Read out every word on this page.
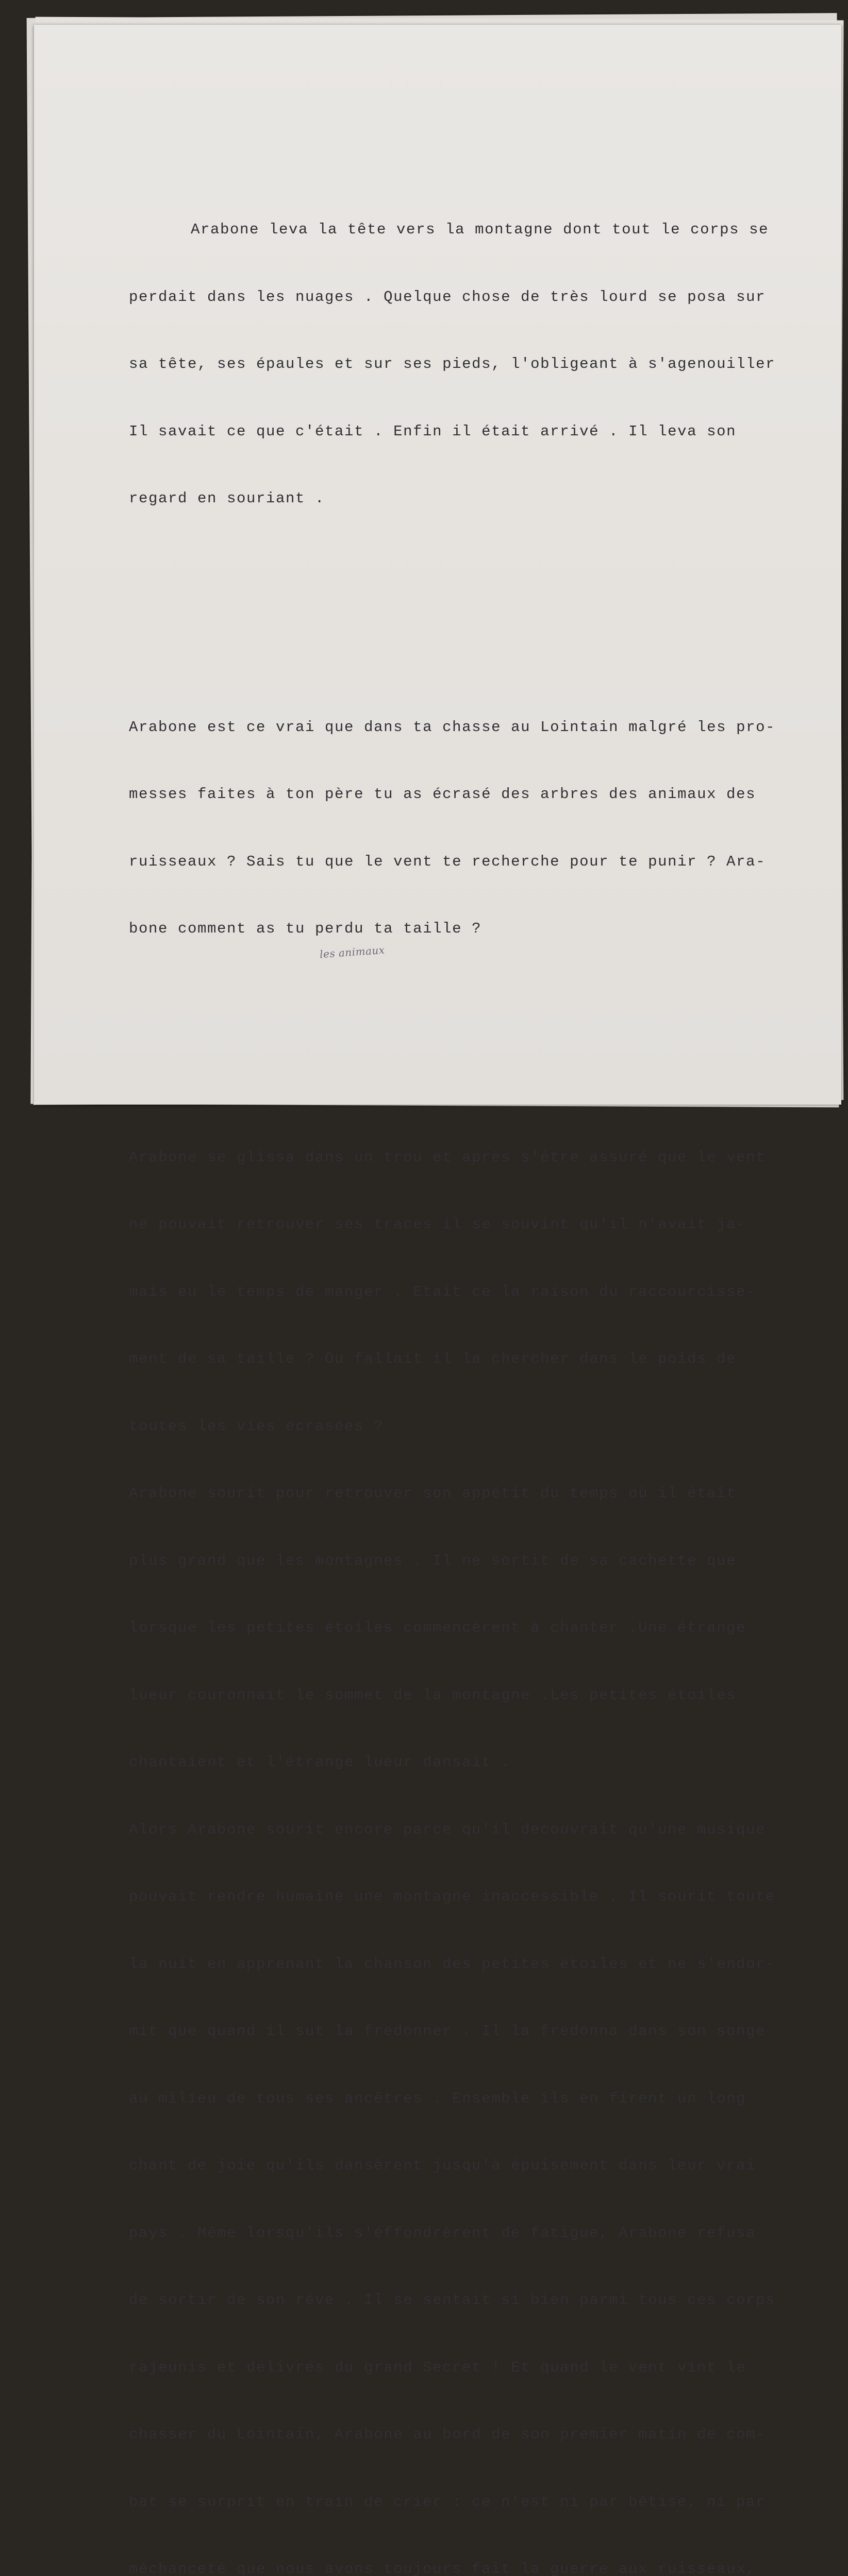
Arabone leva la tête vers la montagne dont tout le corps se

perdait dans les nuages . Quelque chose de très lourd se posa sur

sa tête, ses épaules et sur ses pieds, l'obligeant à s'agenouiller

Il savait ce que c'était . Enfin il était arrivé . Il leva son

regard en souriant .

Arabone est ce vrai que dans ta chasse au Lointain malgré les pro-

messes faites à ton père tu as écrasé des arbres des animaux des

ruisseaux ? Sais tu que le vent te recherche pour te punir ? Ara-

bone comment as tu perdu ta taille ?

Arabone se glissa dans un trou et après s'être assuré que le vent

ne pouvait retrouver ses traces il se souvint qu'il n'avait ja-

mais eu le temps de manger . Etait ce la raison du raccourcisse-

ment de sa taille ? Ou fallait il la chercher dans le poids de

toutes les vies écrasées ?

Arabone sourit pour retrouver son appétit du temps où il était

plus grand que les montagnes . Il ne sortit de sa cachette que

lorsque les petites étoiles commencèrent à chanter .Une étrange

lueur couronnait le sommet de la montagne .Les petites étoiles

chantaient et l'étrange lueur dansait .

Alors Arabone sourit encore parce qu'il découvrait qu'une musique

pouvait rendre humaine une montagne inaccessible . Il sourit toute

la nuit en apprenant la chanson des petites étoiles et ne s'endor-

mit que quand il sut la fredonner . Il la fredonna dans son songe

au milieu de tous ses ancêtres . Ensemble ils en firent un long

chant de joie qu'ils dansèrent jusqu'à épuisement dans leur vrai

pays . Même lorsqu'ils s'éffondrèrent de fatigue, Arabone refusa

de sortir de son rêve . Il se sentait si bien parmi tous ces corps

rajeunis et délivrés du grand Secret ! Et quand le vent vint le

chasser du Lointain, Arabone au bord de son premier matin de com-

bat se surprit en train de crier : ce n'est ni par bêtise, ni par

méchanceté que nous avons toujours fait la guerre aux ruisseaux,

les animaux
